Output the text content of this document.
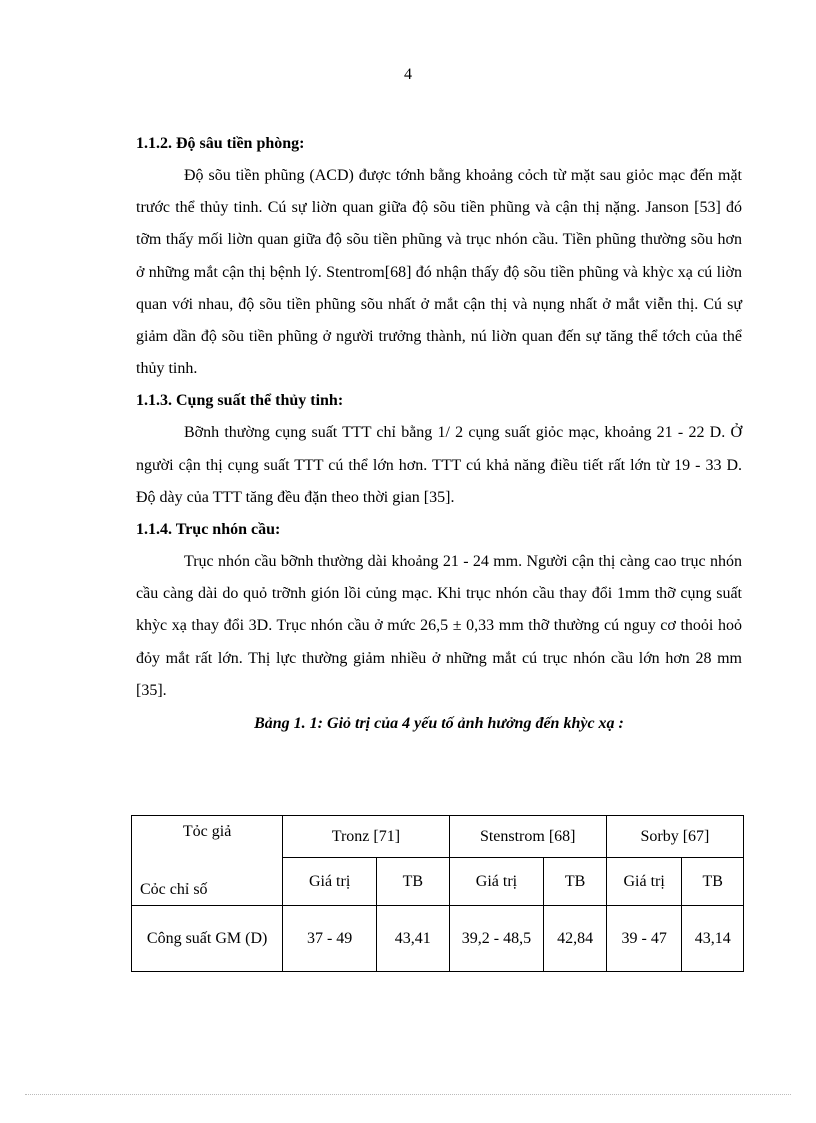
4

1.1.2. Độ sâu tiền phòng:

Độ sõu tiền phũng (ACD) được tớnh bằng khoảng cỏch từ mặt sau giỏc mạc đến mặt trước thể thủy tinh. Cú sự liờn quan giữa độ sõu tiền phũng và cận thị nặng. Janson [53] đó tỡm thấy mối liờn quan giữa độ sõu tiền phũng và trục nhón cầu. Tiền phũng thường sõu hơn ở những mắt cận thị bệnh lý. Stentrom[68] đó nhận thấy độ sõu tiền phũng và khỳc xạ cú liờn quan với nhau, độ sõu tiền phũng sõu nhất ở mắt cận thị và nụng nhất ở mắt viễn thị. Cú sự giảm dần độ sõu tiền phũng ở người trưởng thành, nú liờn quan đến sự tăng thể tớch của thể thủy tinh.

1.1.3. Cụng suất thể thủy tinh:

Bỡnh thường cụng suất TTT chỉ bằng 1/ 2 cụng suất giỏc mạc, khoảng 21 - 22 D. Ở người cận thị cụng suất TTT cú thể lớn hơn. TTT cú khả năng điều tiết rất lớn từ 19 - 33 D. Độ dày của TTT tăng đều đặn theo thời gian [35].

1.1.4. Trục nhón cầu:

Trục nhón cầu bỡnh thường dài khoảng 21 - 24 mm. Người cận thị càng cao trục nhón cầu càng dài do quỏ trỡnh gión lồi củng mạc. Khi trục nhón cầu thay đổi 1mm thỡ cụng suất khỳc xạ thay đổi 3D. Trục nhón cầu ở mức 26,5 ± 0,33 mm thỡ thường cú nguy cơ thoỏi hoỏ đỏy mắt rất lớn. Thị lực thường giảm nhiều ở những mắt cú trục nhón cầu lớn hơn 28 mm [35].

Bảng 1. 1: Giỏ trị của 4 yếu tố ảnh hưởng đến khỳc xạ :

Tỏc giả
Cỏc chỉ số	Tronz [71]		Stenstrom [68]		Sorby [67]	
	Giá trị	TB	Giá trị	TB	Giá trị	TB
Công suất GM (D)	37 - 49	43,41	39,2 - 48,5	42,84	39 - 47	43,14
